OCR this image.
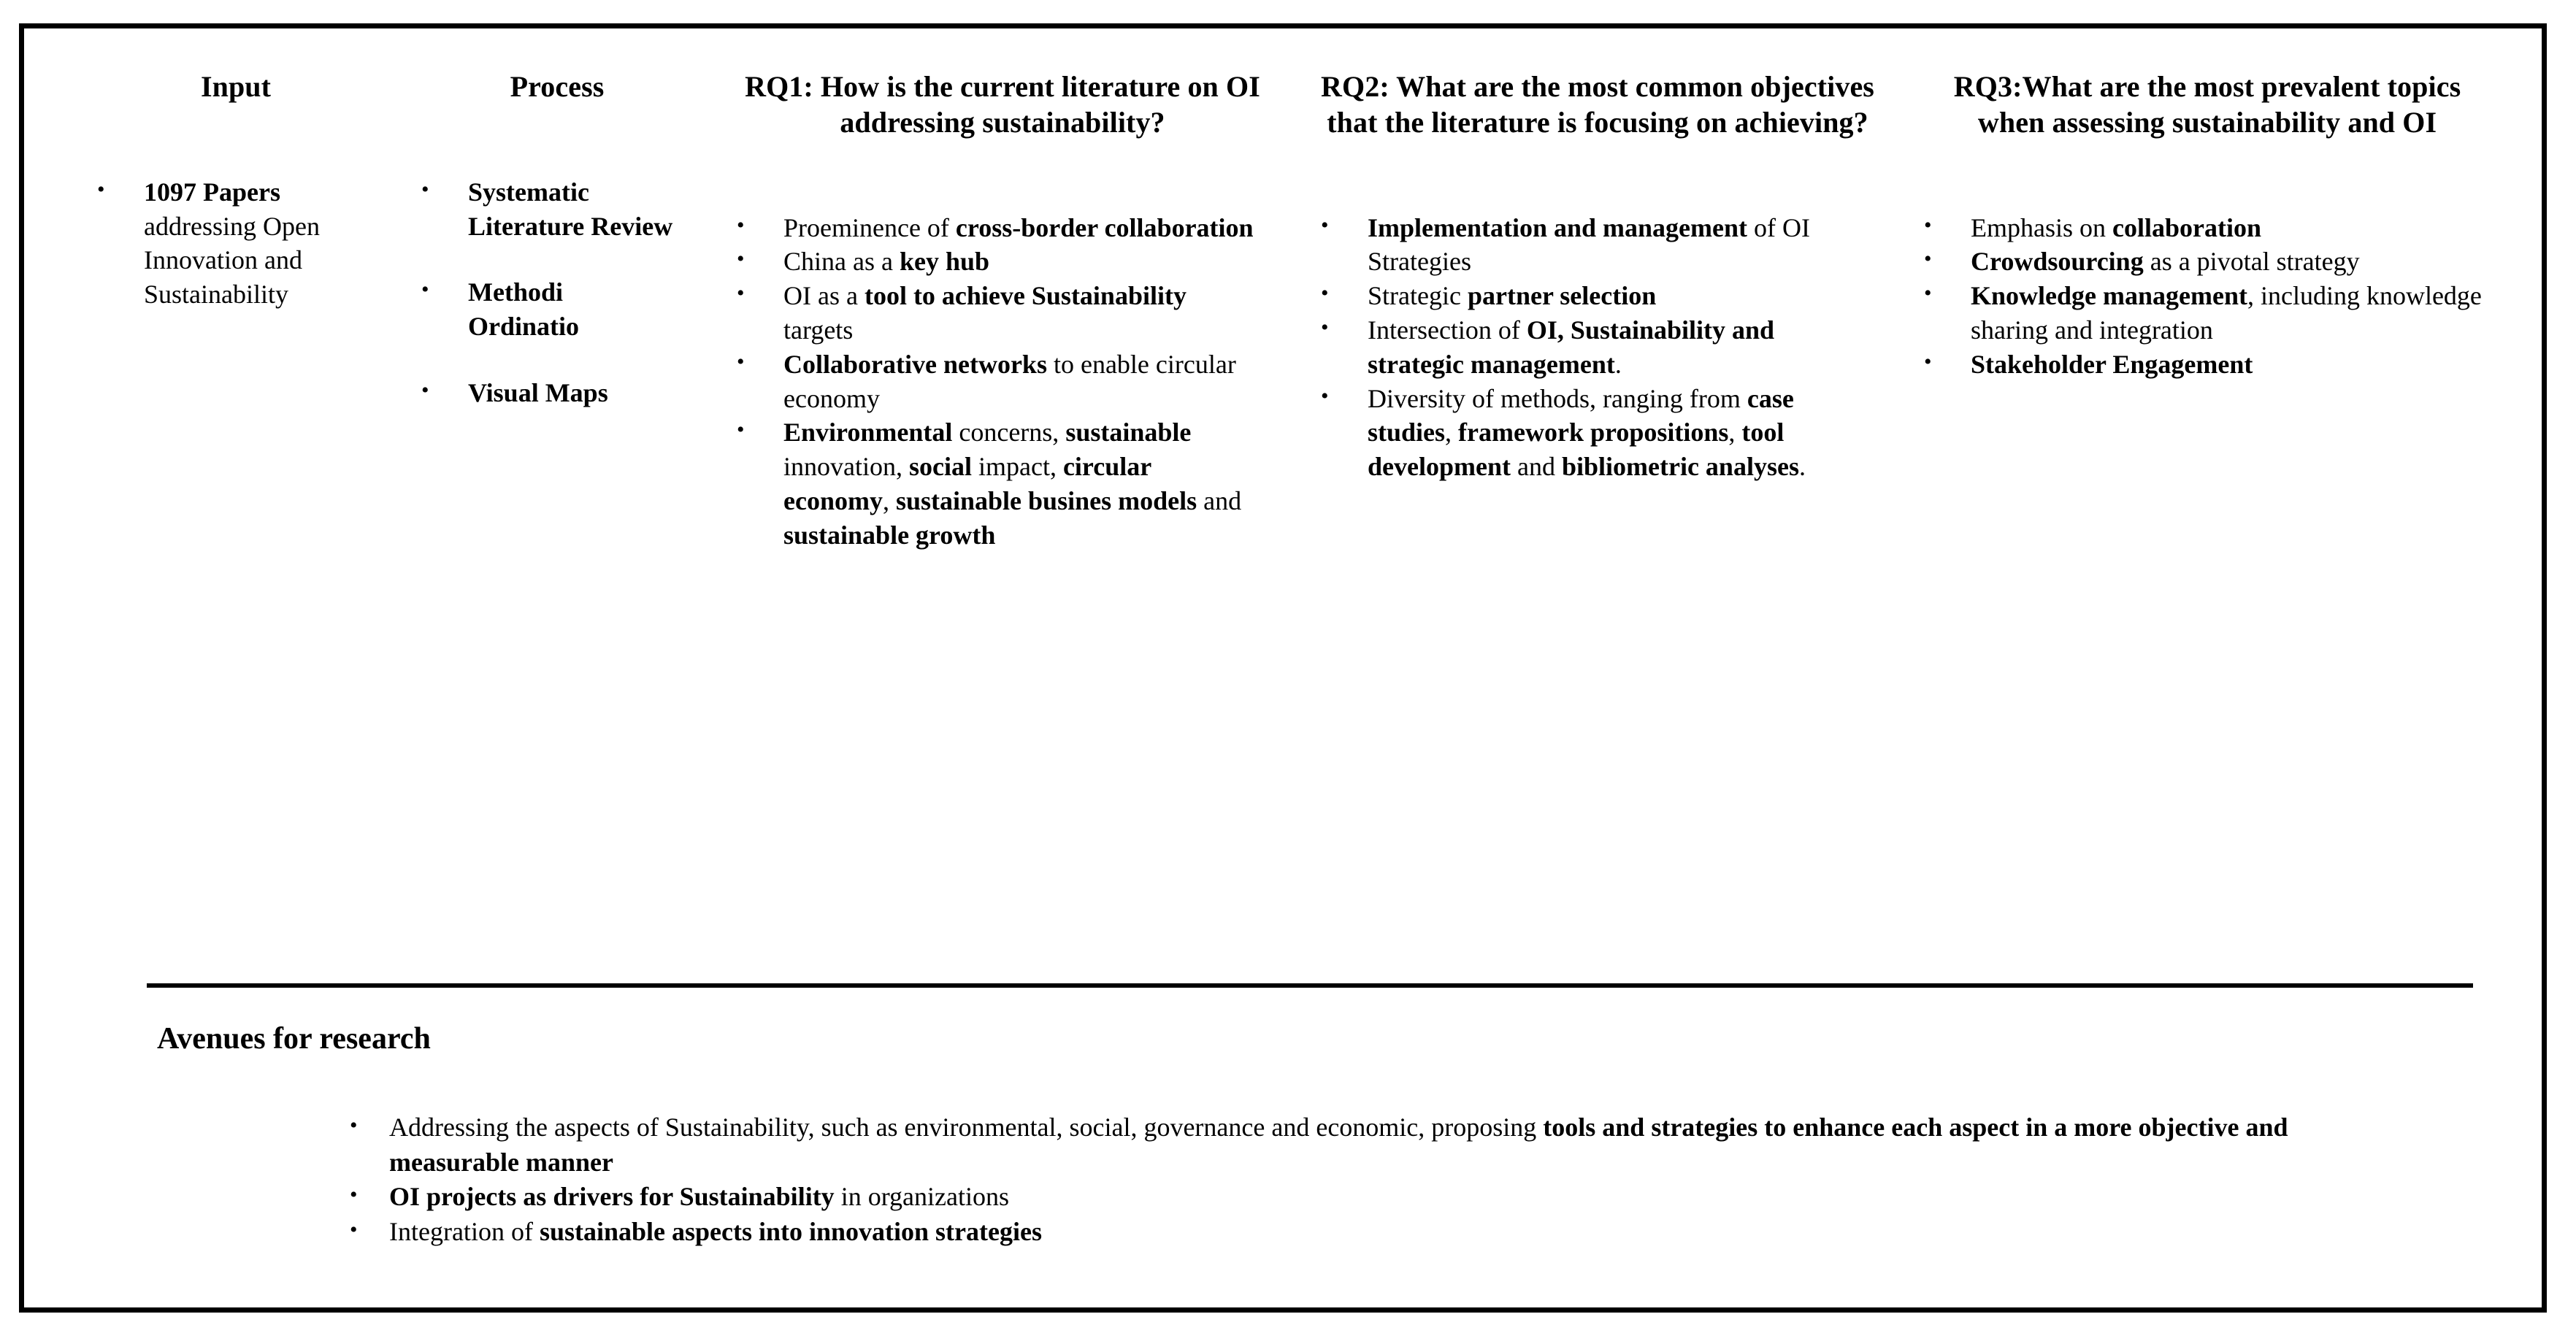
Input
• 1097 Papers addressing Open Innovation and Sustainability
Process
• Systematic Literature Review
• Methodi Ordinatio
• Visual Maps
RQ1: How is the current literature on OI addressing sustainability?
• Proeminence of cross-border collaboration
• China as a key hub
• OI as a tool to achieve Sustainability targets
• Collaborative networks to enable circular economy
• Environmental concerns, sustainable innovation, social impact, circular economy, sustainable busines models and sustainable growth
RQ2: What are the most common objectives that the literature is focusing on achieving?
• Implementation and management of OI Strategies
• Strategic partner selection
• Intersection of OI, Sustainability and strategic management.
• Diversity of methods, ranging from case studies, framework propositions, tool development and bibliometric analyses.
RQ3:What are the most prevalent topics when assessing sustainability and OI
• Emphasis on collaboration
• Crowdsourcing as a pivotal strategy
• Knowledge management, including knowledge sharing and integration
• Stakeholder Engagement
Avenues for research
• Addressing the aspects of Sustainability, such as environmental, social, governance and economic, proposing tools and strategies to enhance each aspect in a more objective and measurable manner
• OI projects as drivers for Sustainability in organizations
• Integration of sustainable aspects into innovation strategies
